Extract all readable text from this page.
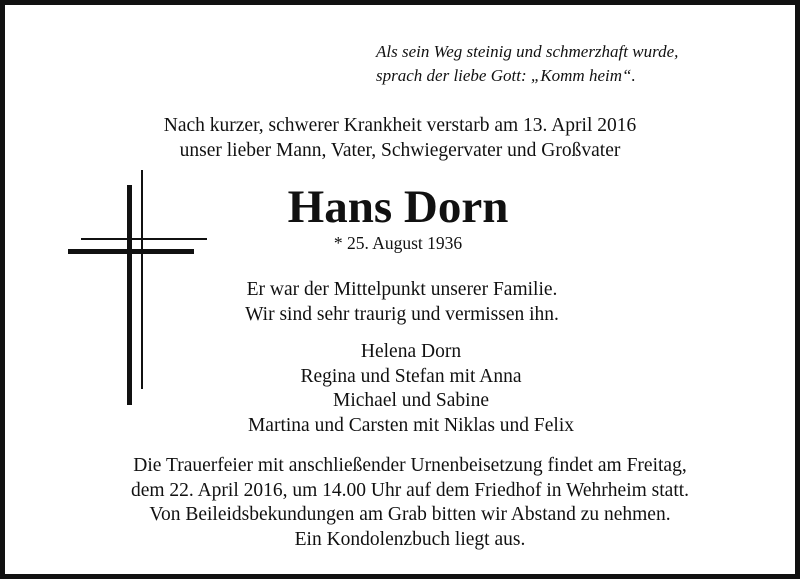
Als sein Weg steinig und schmerzhaft wurde,
sprach der liebe Gott: „Komm heim“.
Nach kurzer, schwerer Krankheit verstarb am 13. April 2016
unser lieber Mann, Vater, Schwiegervater und Großvater
Hans Dorn
* 25. August 1936
Er war der Mittelpunkt unserer Familie.
Wir sind sehr traurig und vermissen ihn.
Helena Dorn
Regina und Stefan mit Anna
Michael und Sabine
Martina und Carsten mit Niklas und Felix
Die Trauerfeier mit anschließender Urnenbeisetzung findet am Freitag,
dem 22. April 2016, um 14.00 Uhr auf dem Friedhof in Wehrheim statt.
Von Beileidsbekundungen am Grab bitten wir Abstand zu nehmen.
Ein Kondolenzbuch liegt aus.
